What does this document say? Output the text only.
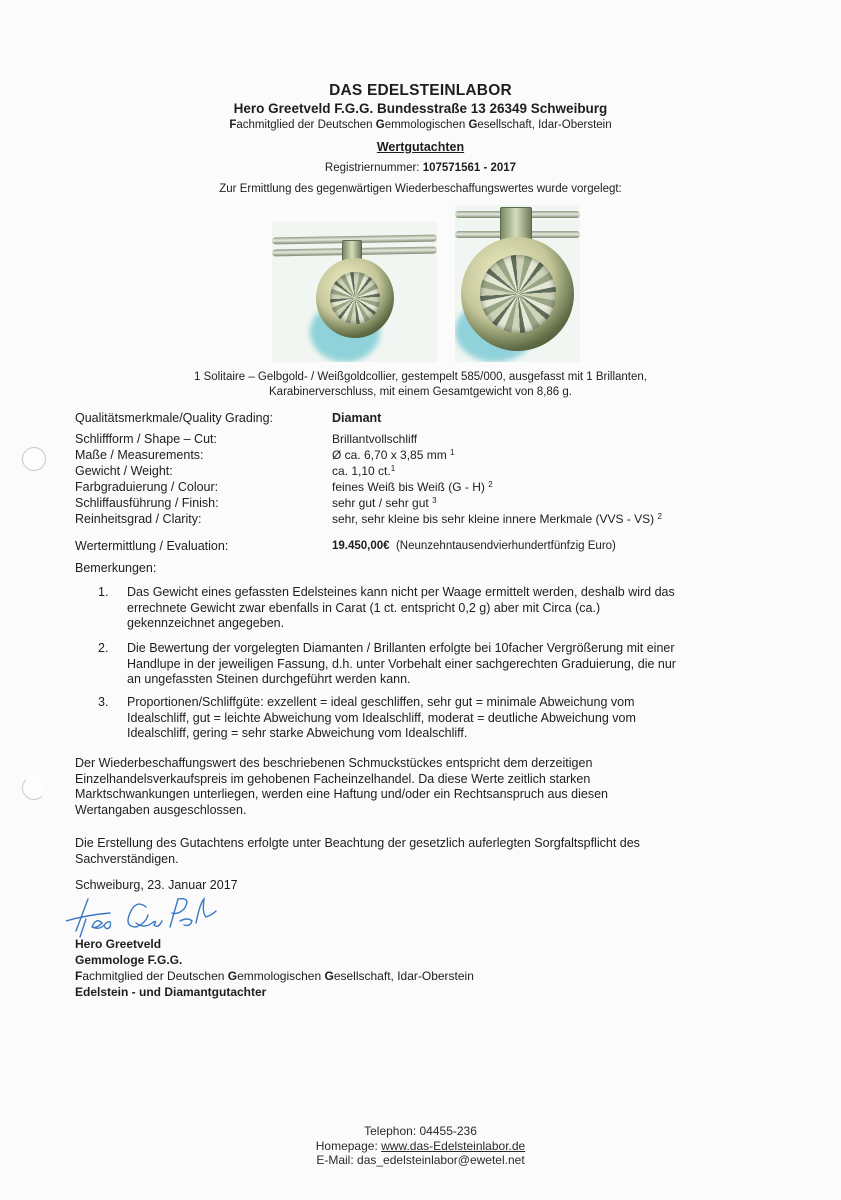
DAS EDELSTEINLABOR
Hero Greetveld F.G.G. Bundesstraße 13 26349 Schweiburg
Fachmitglied der Deutschen Gemmologischen Gesellschaft, Idar-Oberstein
Wertgutachten
Registriernummer: 107571561 - 2017
Zur Ermittlung des gegenwärtigen Wiederbeschaffungswertes wurde vorgelegt:
1 Solitaire – Gelbgold- / Weißgoldcollier, gestempelt 585/000, ausgefasst mit 1 Brillanten,
Karabinerverschluss, mit einem Gesamtgewicht von 8,86 g.
Qualitätsmerkmale/Quality Grading:	Diamant
Schliffform / Shape – Cut:	Brillantvollschliff
Maße / Measurements:	Ø ca. 6,70 x 3,85 mm $^1$
Gewicht / Weight:	ca. 1,10 ct.$^1$
Farbgraduierung / Colour:	feines Weiß bis Weiß (G - H) $^2$
Schliffausführung / Finish:	sehr gut / sehr gut $^3$
Reinheitsgrad / Clarity:	sehr, sehr kleine bis sehr kleine innere Merkmale (VVS - VS) $^2$
Wertermittlung / Evaluation:	19.450,00€ (Neunzehntausendvierhundertfünfzig Euro)
Bemerkungen:
1.	Das Gewicht eines gefassten Edelsteines kann nicht per Waage ermittelt werden, deshalb wird das
errechnete Gewicht zwar ebenfalls in Carat (1 ct. entspricht 0,2 g) aber mit Circa (ca.)
gekennzeichnet angegeben.
2.	Die Bewertung der vorgelegten Diamanten / Brillanten erfolgte bei 10facher Vergrößerung mit einer
Handlupe in der jeweiligen Fassung, d.h. unter Vorbehalt einer sachgerechten Graduierung, die nur
an ungefassten Steinen durchgeführt werden kann.
3.	Proportionen/Schliffgüte: exzellent = ideal geschliffen, sehr gut = minimale Abweichung vom
Idealschliff, gut = leichte Abweichung vom Idealschliff, moderat = deutliche Abweichung vom
Idealschliff, gering = sehr starke Abweichung vom Idealschliff.
Der Wiederbeschaffungswert des beschriebenen Schmuckstückes entspricht dem derzeitigen
Einzelhandelsverkaufspreis im gehobenen Facheinzelhandel. Da diese Werte zeitlich starken
Marktschwankungen unterliegen, werden eine Haftung und/oder ein Rechtsanspruch aus diesen
Wertangaben ausgeschlossen.
Die Erstellung des Gutachtens erfolgte unter Beachtung der gesetzlich auferlegten Sorgfaltspflicht des
Sachverständigen.
Schweiburg, 23. Januar 2017
Hero Greetveld
Gemmologe F.G.G.
Fachmitglied der Deutschen Gemmologischen Gesellschaft, Idar-Oberstein
Edelstein - und Diamantgutachter
Telephon: 04455-236
Homepage: www.das-Edelsteinlabor.de
E-Mail: das_edelsteinlabor@ewetel.net
